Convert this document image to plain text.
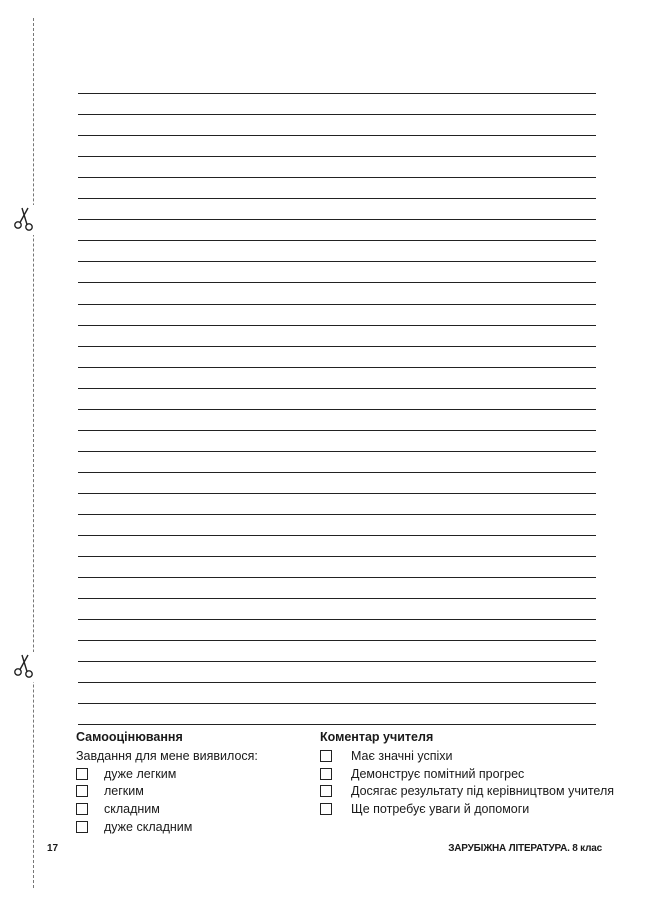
Самооцінювання
Завдання для мене виявилося:
дуже легким
легким
складним
дуже складним
Коментар учителя
Має значні успіхи
Демонструє помітний прогрес
Досягає результату під керівництвом учителя
Ще потребує уваги й допомоги
17	ЗАРУБІЖНА ЛІТЕРАТУРА. 8 клас
